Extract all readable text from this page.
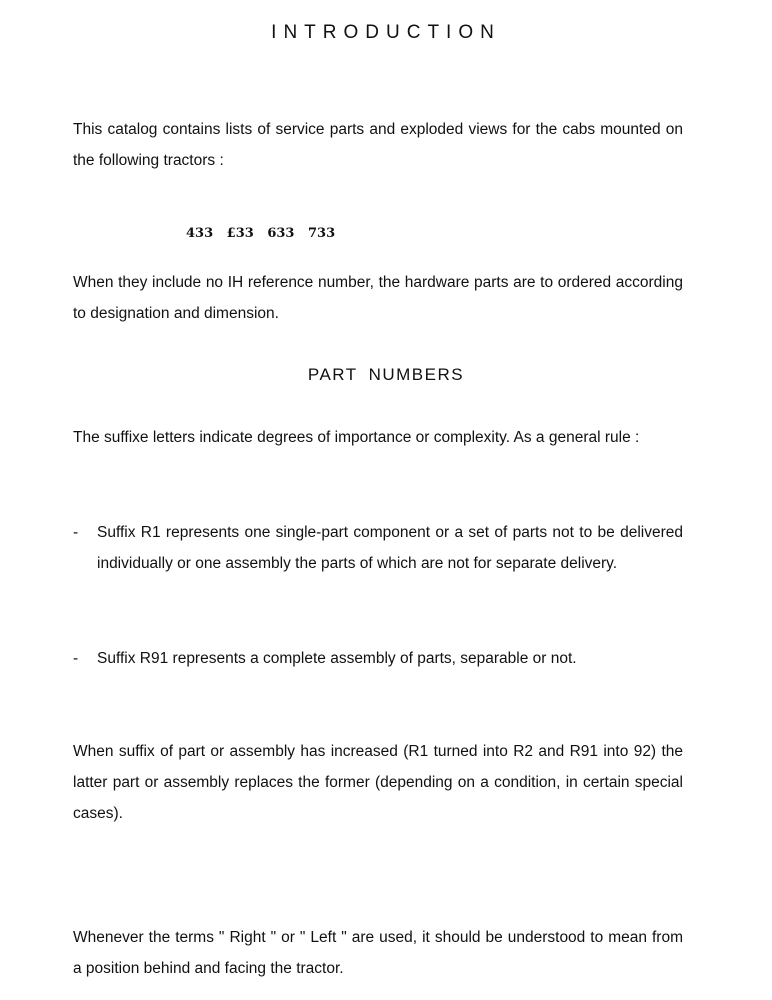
INTRODUCTION

This catalog contains lists of service parts and exploded views for the cabs mounted on the following tractors :

433 £33 633 733

When they include no IH reference number, the hardware parts are to ordered according to designation and dimension.

PART NUMBERS

The suffixe letters indicate degrees of importance or complexity. As a general rule :

- Suffix R1 represents one single-part component or a set of parts not to be delivered individually or one assembly the parts of which are not for separate delivery.

- Suffix R91 represents a complete assembly of parts, separable or not.

When suffix of part or assembly has increased (R1 turned into R2 and R91 into 92) the latter part or assembly replaces the former (depending on a condition, in certain special cases).

Whenever the terms " Right " or " Left " are used, it should be understood to mean from a position behind and facing the tractor.
